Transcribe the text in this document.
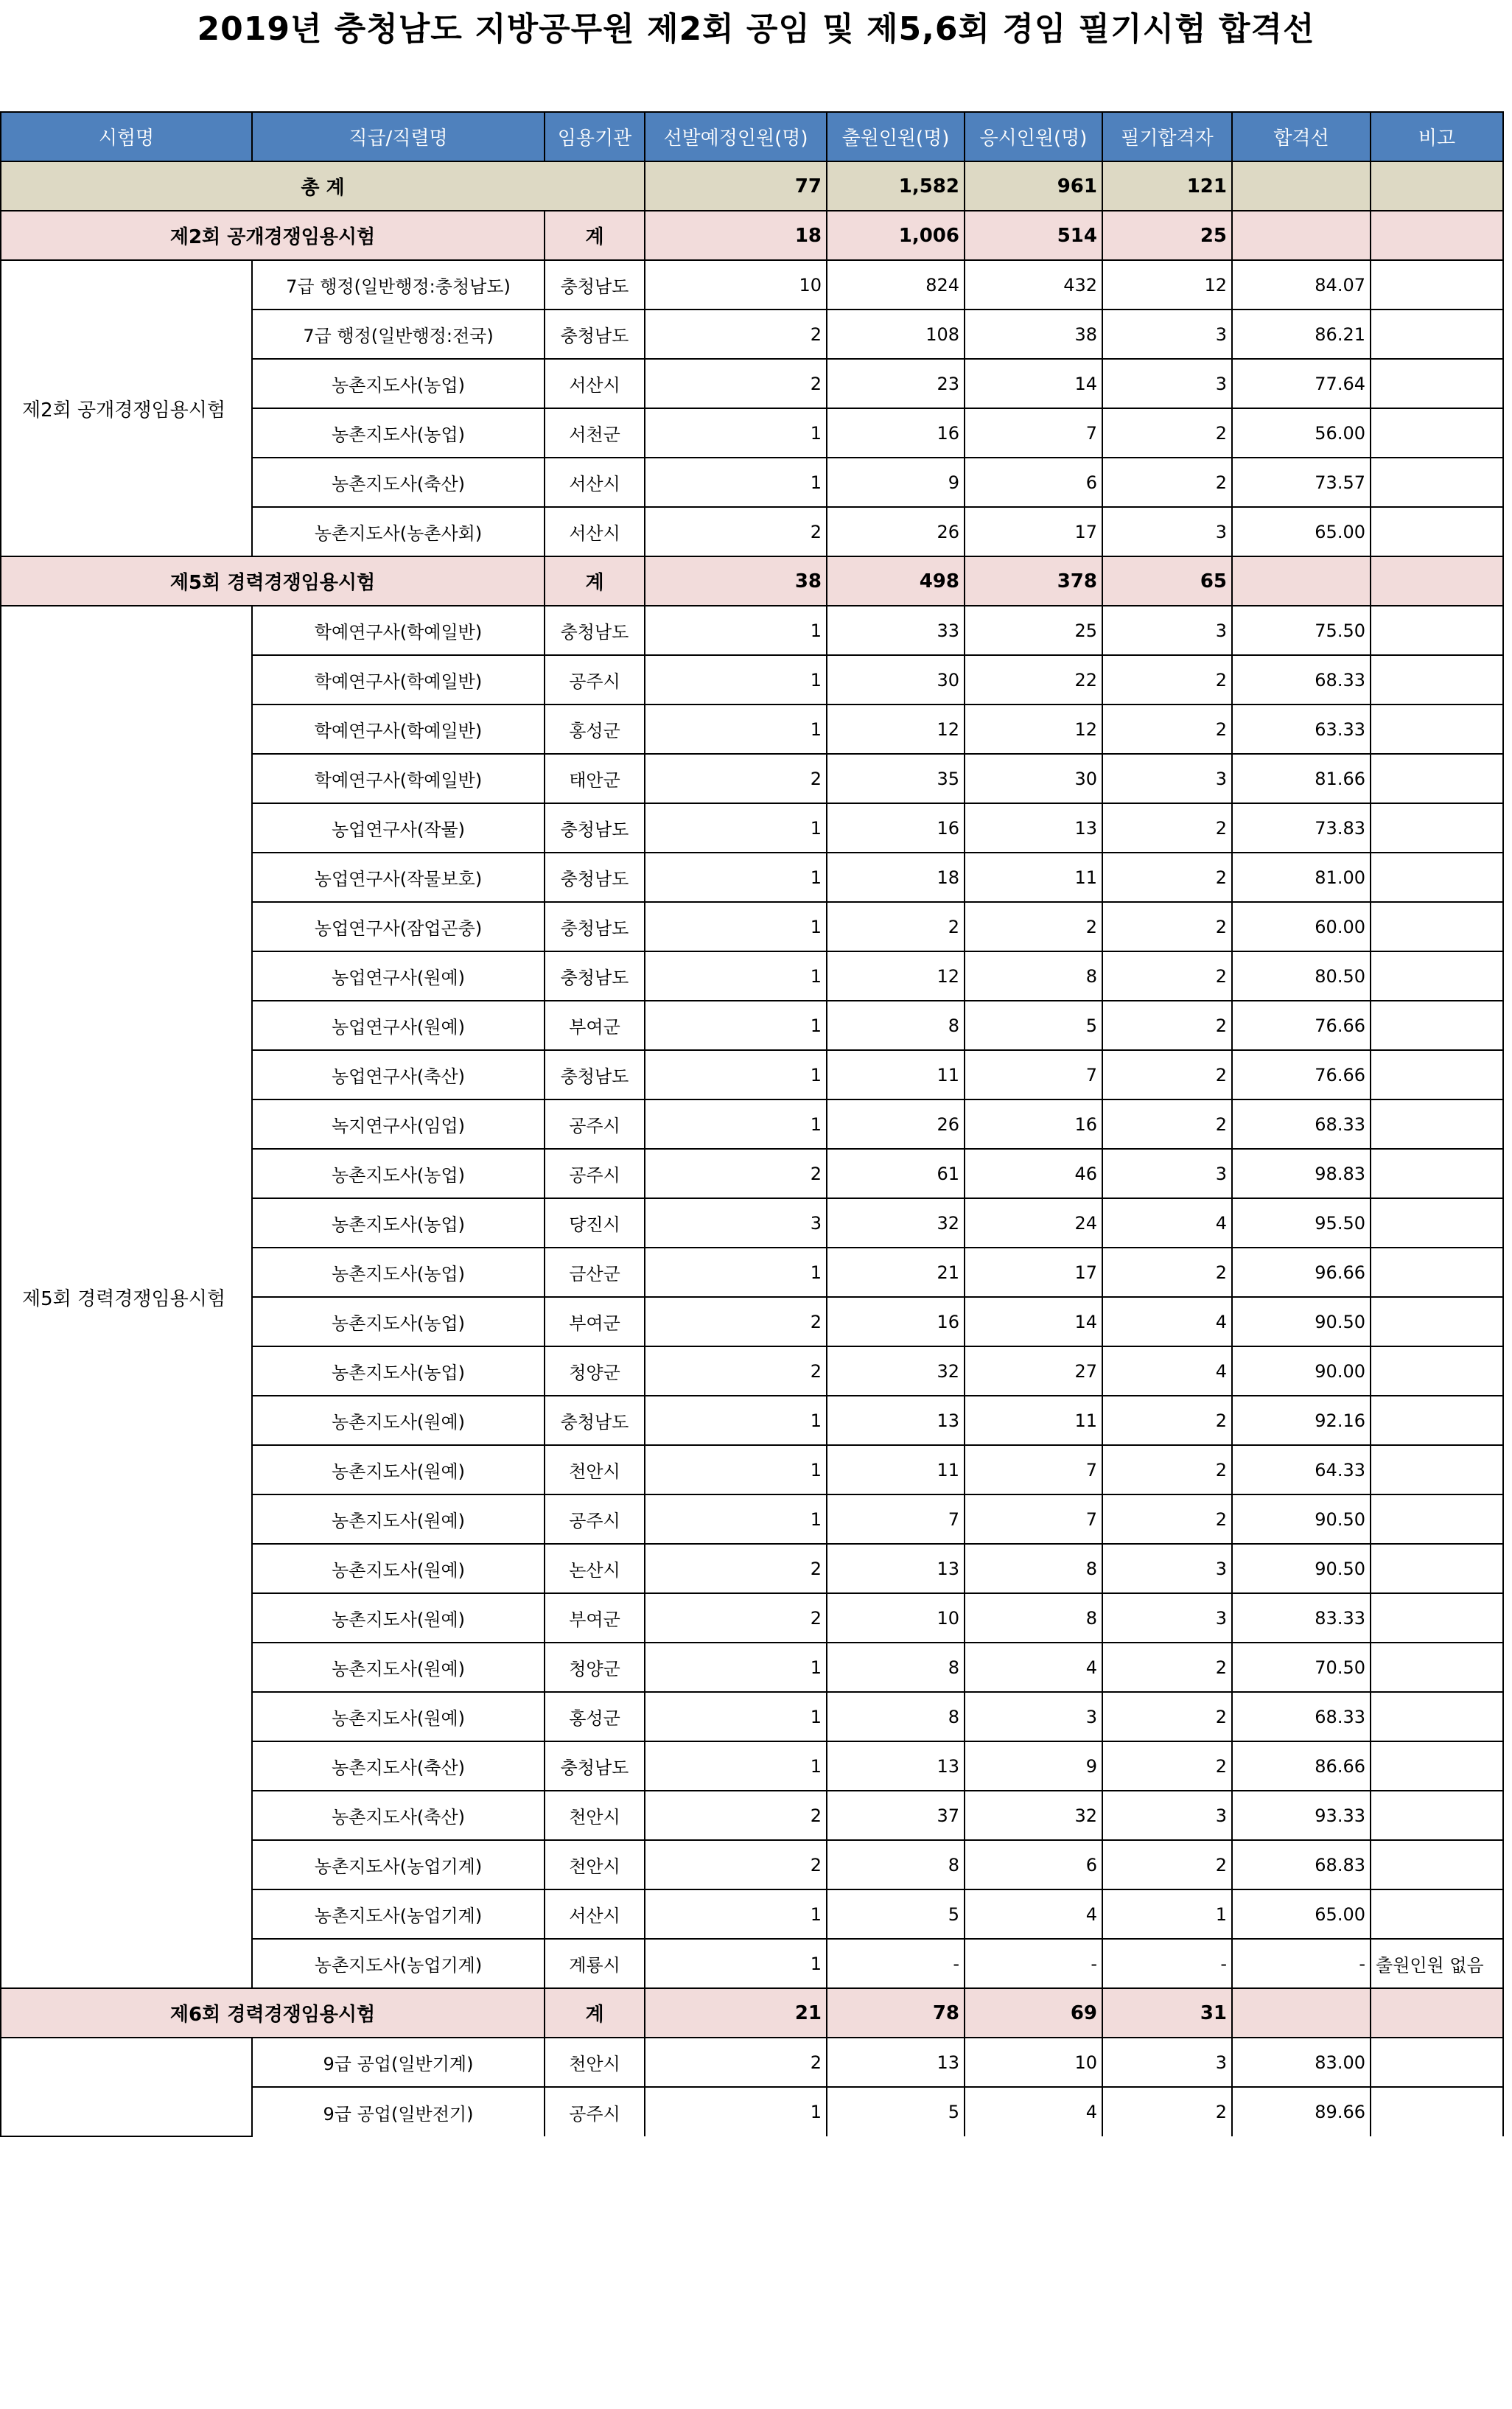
2019년 충청남도 지방공무원 제2회 공임 및 제5,6회 경임 필기시험 합격선
시험명	직급/직렬명	임용기관	선발예정인원(명)	출원인원(명)	응시인원(명)	필기합격자	합격선	비고
총 계			77	1,582	961	121		
제2회 공개경쟁임용시험		계	18	1,006	514	25		
제2회 공개경쟁임용시험	7급 행정(일반행정:충청남도)	충청남도	10	824	432	12	84.07	
	7급 행정(일반행정:전국)	충청남도	2	108	38	3	86.21	
	농촌지도사(농업)	서산시	2	23	14	3	77.64	
	농촌지도사(농업)	서천군	1	16	7	2	56.00	
	농촌지도사(축산)	서산시	1	9	6	2	73.57	
	농촌지도사(농촌사회)	서산시	2	26	17	3	65.00	
제5회 경력경쟁임용시험		계	38	498	378	65		
제5회 경력경쟁임용시험	학예연구사(학예일반)	충청남도	1	33	25	3	75.50	
	학예연구사(학예일반)	공주시	1	30	22	2	68.33	
	학예연구사(학예일반)	홍성군	1	12	12	2	63.33	
	학예연구사(학예일반)	태안군	2	35	30	3	81.66	
	농업연구사(작물)	충청남도	1	16	13	2	73.83	
	농업연구사(작물보호)	충청남도	1	18	11	2	81.00	
	농업연구사(잠업곤충)	충청남도	1	2	2	2	60.00	
	농업연구사(원예)	충청남도	1	12	8	2	80.50	
	농업연구사(원예)	부여군	1	8	5	2	76.66	
	농업연구사(축산)	충청남도	1	11	7	2	76.66	
	녹지연구사(임업)	공주시	1	26	16	2	68.33	
	농촌지도사(농업)	공주시	2	61	46	3	98.83	
	농촌지도사(농업)	당진시	3	32	24	4	95.50	
	농촌지도사(농업)	금산군	1	21	17	2	96.66	
	농촌지도사(농업)	부여군	2	16	14	4	90.50	
	농촌지도사(농업)	청양군	2	32	27	4	90.00	
	농촌지도사(원예)	충청남도	1	13	11	2	92.16	
	농촌지도사(원예)	천안시	1	11	7	2	64.33	
	농촌지도사(원예)	공주시	1	7	7	2	90.50	
	농촌지도사(원예)	논산시	2	13	8	3	90.50	
	농촌지도사(원예)	부여군	2	10	8	3	83.33	
	농촌지도사(원예)	청양군	1	8	4	2	70.50	
	농촌지도사(원예)	홍성군	1	8	3	2	68.33	
	농촌지도사(축산)	충청남도	1	13	9	2	86.66	
	농촌지도사(축산)	천안시	2	37	32	3	93.33	
	농촌지도사(농업기계)	천안시	2	8	6	2	68.83	
	농촌지도사(농업기계)	서산시	1	5	4	1	65.00	
	농촌지도사(농업기계)	계룡시	1	-	-	-	-	출원인원 없음
제6회 경력경쟁임용시험		계	21	78	69	31		
	9급 공업(일반기계)	천안시	2	13	10	3	83.00	
	9급 공업(일반전기)	공주시	1	5	4	2	89.66	
